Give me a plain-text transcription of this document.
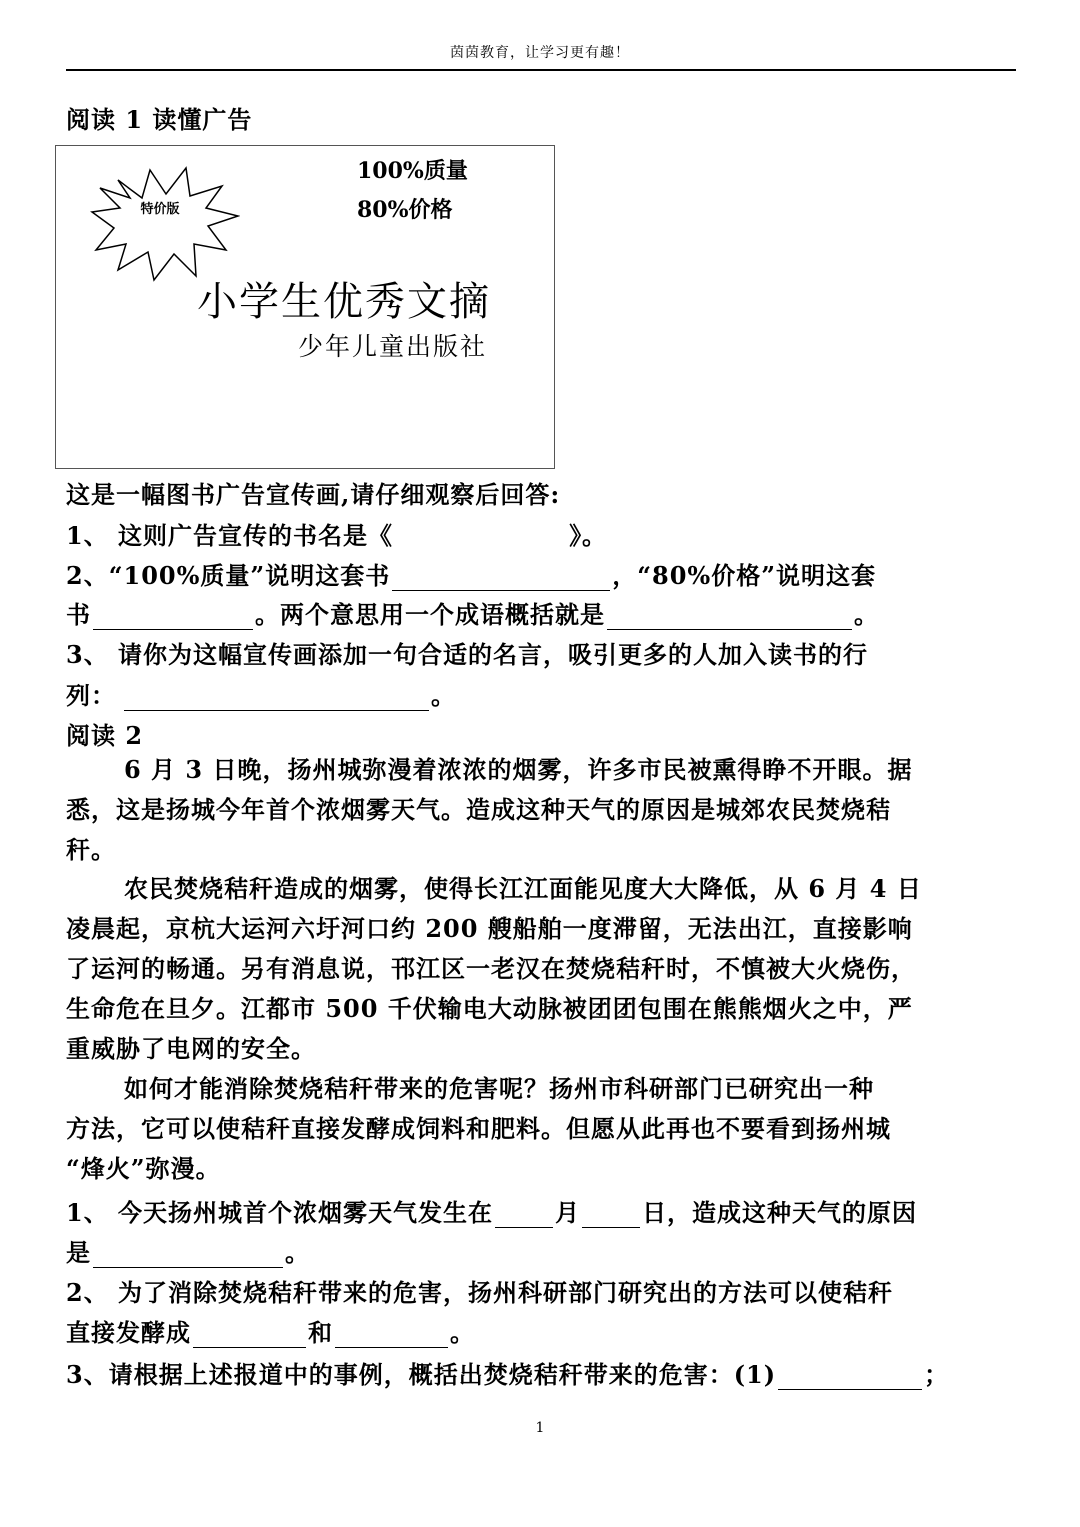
茵茵教育，让学习更有趣！
阅读 1 读懂广告
特价版
100%质量
80%价格
小学生优秀文摘
少年儿童出版社
这是一幅图书广告宣传画,请仔细观察后回答:
1、 这则广告宣传的书名是《	》。
2、“100%质量”说明这套书	，“80%价格”说明这套
书	。两个意思用一个成语概括就是	。
3、 请你为这幅宣传画添加一句合适的名言，吸引更多的人加入读书的行
列：	。
阅读 2
6 月 3 日晚，扬州城弥漫着浓浓的烟雾，许多市民被熏得睁不开眼。据
悉，这是扬城今年首个浓烟雾天气。造成这种天气的原因是城郊农民焚烧秸
秆。
农民焚烧秸秆造成的烟雾，使得长江江面能见度大大降低，从 6 月 4 日
凌晨起，京杭大运河六圩河口约 200 艘船舶一度滞留，无法出江，直接影响
了运河的畅通。另有消息说，邗江区一老汉在焚烧秸秆时，不慎被大火烧伤，
生命危在旦夕。江都市 500 千伏输电大动脉被团团包围在熊熊烟火之中，严
重威胁了电网的安全。
如何才能消除焚烧秸秆带来的危害呢？扬州市科研部门已研究出一种
方法，它可以使秸秆直接发酵成饲料和肥料。但愿从此再也不要看到扬州城
“烽火”弥漫。
1、 今天扬州城首个浓烟雾天气发生在	月	日，造成这种天气的原因
是	。
2、 为了消除焚烧秸秆带来的危害，扬州科研部门研究出的方法可以使秸秆
直接发酵成	和	。
3、请根据上述报道中的事例，概括出焚烧秸秆带来的危害：(1)	；
1
